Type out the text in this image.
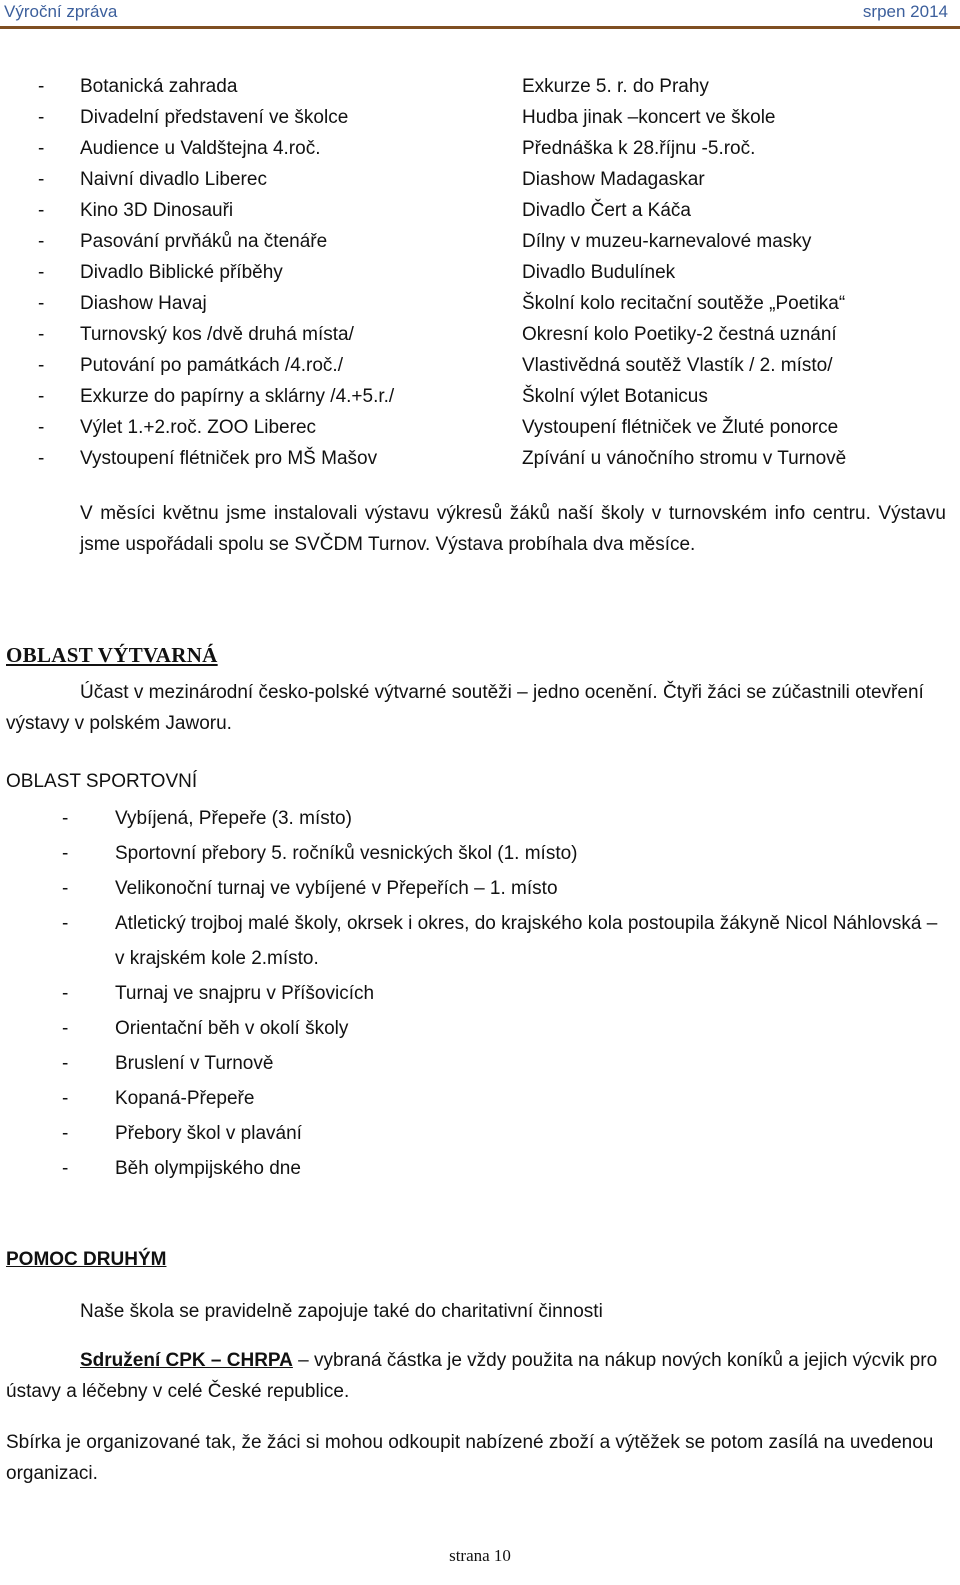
Výroční zpráva	srpen 2014
- Botanická zahrada
- Divadelní představení ve školce
- Audience u Valdštejna 4.roč.
- Naivní divadlo Liberec
- Kino 3D Dinosauři
- Pasování prvňáků na čtenáře
- Divadlo Biblické příběhy
- Diashow Havaj
- Turnovský kos /dvě druhá místa/
- Putování po památkách /4.roč./
- Exkurze do papírny a sklárny /4.+5.r./
- Výlet 1.+2.roč. ZOO Liberec
- Vystoupení flétniček pro MŠ Mašov
Exkurze 5. r. do Prahy
Hudba jinak –koncert ve škole
Přednáška k 28.říjnu -5.roč.
Diashow Madagaskar
Divadlo Čert a Káča
Dílny v muzeu-karnevalové masky
Divadlo Budulínek
Školní kolo recitační soutěže „Poetika“
Okresní kolo Poetiky-2 čestná uznání
Vlastivědná soutěž Vlastík / 2. místo/
Školní výlet Botanicus
Vystoupení flétniček ve Žluté ponorce
Zpívání u vánočního stromu v Turnově
V měsíci květnu jsme instalovali výstavu výkresů žáků naší školy v turnovském info centru. Výstavu jsme uspořádali spolu se SVČDM Turnov. Výstava probíhala dva měsíce.
OBLAST VÝTVARNÁ
Účast v mezinárodní česko-polské výtvarné soutěži – jedno ocenění. Čtyři žáci se zúčastnili otevření výstavy v polském Jaworu.
OBLAST SPORTOVNÍ
- Vybíjená, Přepeře (3. místo)
- Sportovní přebory 5. ročníků vesnických škol (1. místo)
- Velikonoční turnaj ve vybíjené v Přepeřích – 1. místo
- Atletický trojboj malé školy, okrsek i okres, do krajského kola postoupila žákyně Nicol Náhlovská – v krajském kole 2.místo.
- Turnaj ve snajpru v Příšovicích
- Orientační běh v okolí školy
- Bruslení v Turnově
- Kopaná-Přepeře
- Přebory škol v plavání
- Běh olympijského dne
POMOC DRUHÝM
Naše škola se pravidelně zapojuje také do charitativní činnosti
Sdružení CPK – CHRPA – vybraná částka je vždy použita na nákup nových koníků a jejich výcvik pro ústavy a léčebny v celé České republice.
Sbírka je organizované tak, že žáci si mohou odkoupit nabízené zboží a výtěžek se potom zasílá na uvedenou organizaci.
strana 10
